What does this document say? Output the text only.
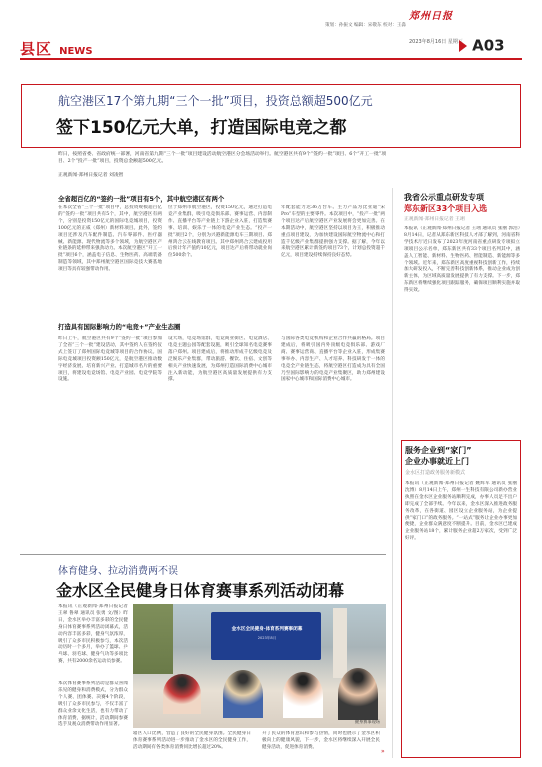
县区 NEWS
郑州日报
策划：孙振文 编辑：宋敬东 校对：王淼
2023年8月16日 星期三 A03
航空港区17个第九期“三个一批”项目，投资总额超500亿元
签下150亿元大单，打造国际电竞之都
昨日，按照省委、省政府统一部署，河南省第九期“三个一批”项目建设活动航空港区分会场活动举行。航空港区共有9个“签约一批”项目、6个“开工一批”项目、2个“投产一批”项目，投资总金额超500亿元。
正观新闻·郑州日报记者 刘凌智
全省超百亿的“签约一批”项目有5个，其中航空港区有两个
在本次全省“三个一批”项目中，总投资规模超百亿的“签约一批”项目共有5个，其中，航空港区有两个，分别是投资150亿元的国际电竞城项目，投资100亿元的正威（郑州）新材料项目。此外，签约项目还涉及汽车配件制造、汽车零部件、医疗器械、新能源、现代物流等多个领域，为航空港区产业链条的延伸带来强劲动力。本次航空港区“开工一批”项目6个，涵盖电子信息、生物医药、高端装备制造等领域，其中郑州航空港区国际竞技大赛基地项目等具有较强带动作用。
位于郑州市航空港区，投资150亿元，通过打造电竞产业集群，吸引电竞俱乐部、赛事运营、内容制作、直播平台等产业链上下游企业入驻，打造集赛事、培训、娱乐于一体的电竞产业生态。“投产一批”项目2个，分别为兴港新能源电车三期项目、郑州鸿合云在线教育项目。其中郑州鸿合云建成投用后预计年产值约10亿元，项目达产后将带动就业岗位500余个。
年配套能力达36万台车。主力产品为比亚迪“宋Pro”车型的主要零件。本次项目中，“投产一批”两个项目达产后航空港区产业发展将会更加完善。在本期活动中，航空港区坚持以项目为王，积极推动重点项目建设，为加快建设国际航空物流中心和打造千亿级产业集群提供强力支撑。据了解，今年以来航空港区累计新签约项目73个，计划总投资超千亿元，项目建设持续保持良好态势。
打造具有国际影响力的“电竞+”产业生态圈
昨日上午，航空港区共有9个“签约一批”项目参加了全省“三个一批”建设活动，其中签约人在签约仪式上签订了郑州国际电竞城等项目的合作协议。国际电竞城项目投资额150亿元，是航空港区推动数字经济发展、培育新兴产业、打造城市名片的重要项目，将建设电竞场馆、电竞产业园、电竞学院等设施。
设大场，电竞场馆群，电竞商业街区、电竞酒店、电竞主题公园等配套设施，吸引全球知名电竞赛事落户郑州。项目建成后，将推动形成千亿级电竞及泛娱乐产业集群，带动旅游、餐饮、住宿、文创等相关产业快速发展，为郑州打造国际消费中心城市注入新动能，为航空港区高质量发展提供有力支撑。
与国际各类电竞机构和企业合作共赢的格局。项目建成后，将吸引国内外顶级电竞俱乐部、游戏厂商、赛事运营商、直播平台等企业入驻，形成集赛事举办、内容生产、人才培养、科技研发于一体的电竞全产业链生态，将航空港区打造成为具有全国乃至国际影响力的电竞产业集聚区，助力郑州建设国家中心城市和国际消费中心城市。
我省公示重点研发专项
郑东新区33个项目入选
正观新闻·郑州日报记者 王翊
本报讯（正观新闻·郑州日报记者 王翊 通讯员 张丽 郭浩）8月14日，记者从郑东新区科技人才部了解到，河南省科学技术厅近日发布了2023年度河南省重点研发专项拟立项项目公示名单，郑东新区共有33个项目名列其中，涵盖人工智能、新材料、生物医药、智能制造、新能源等多个领域。近年来，郑东新区高度重视科技创新工作，持续加大研发投入，不断完善科技创新体系，推动企业成为创新主体，为区域高质量发展提供了有力支撑。下一步，郑东新区将继续强化项目跟踪服务，确保项目顺利实施并取得实效。
服务企业到“家门”
企业办事就近上门
金水区打造政务服务新模式
本报讯（正观新闻·郑州日报记者 姚辉军 通讯员 张丽 沈博）8月14日上午，郑州一生科技有限公司新办营业执照在金水区企业服务站顺利完成，办事人员足不出户即完成了全部手续。今年以来，金水区深入推进政务服务改革，在各街道、园区设立企业服务站，为企业提供“家门口”的政务服务。“一站式”服务让企业办事更加便捷，企业群众满意度不断提升。目前，金水区已建成企业服务站18个，累计服务企业超2万家次，受到广泛好评。
体育健身、拉动消费两不误
金水区全民健身日体育赛事系列活动闭幕
本报讯（正观新闻·郑州日报记者 王翠 鲁翠 通讯员 张勇 文/图）昨日，金水区举办丰富多彩的全民健身日体育赛事系列活动闭幕式，活动内容丰富多彩，健身气氛浓厚，吸引了众多市民积极参与，本次活动历时一个多月，举办了篮球、乒乓球、羽毛球、健身气功等多项比赛，共有2000余名运动员参赛。
本次体育赛事系列活动是群众喜闻乐见的健身和消费模式，分为群众个人赛、团体赛、决赛4个阶段，吸引了众多市民参与，不仅丰富了群众业余文化生活，也有力带动了体育消费，据统计，活动期间参赛选手及观众消费带动作用显著。
金水区全民健身·体育系列赛事闭幕
2023年8月
健身赛事现场
辖区人口比例，营造了良好的全民健身氛围。全民健身日体育赛事系列活动进一步推动了金水区的全民健身工作，活动期间有各类体育消费同比增长超过20%。
升了民众的体育意识和参与热情，同时也展示了金水区积极向上的健康风貌，下一步，金水区将继续深入开展全民健身活动，促进体育消费。
»
